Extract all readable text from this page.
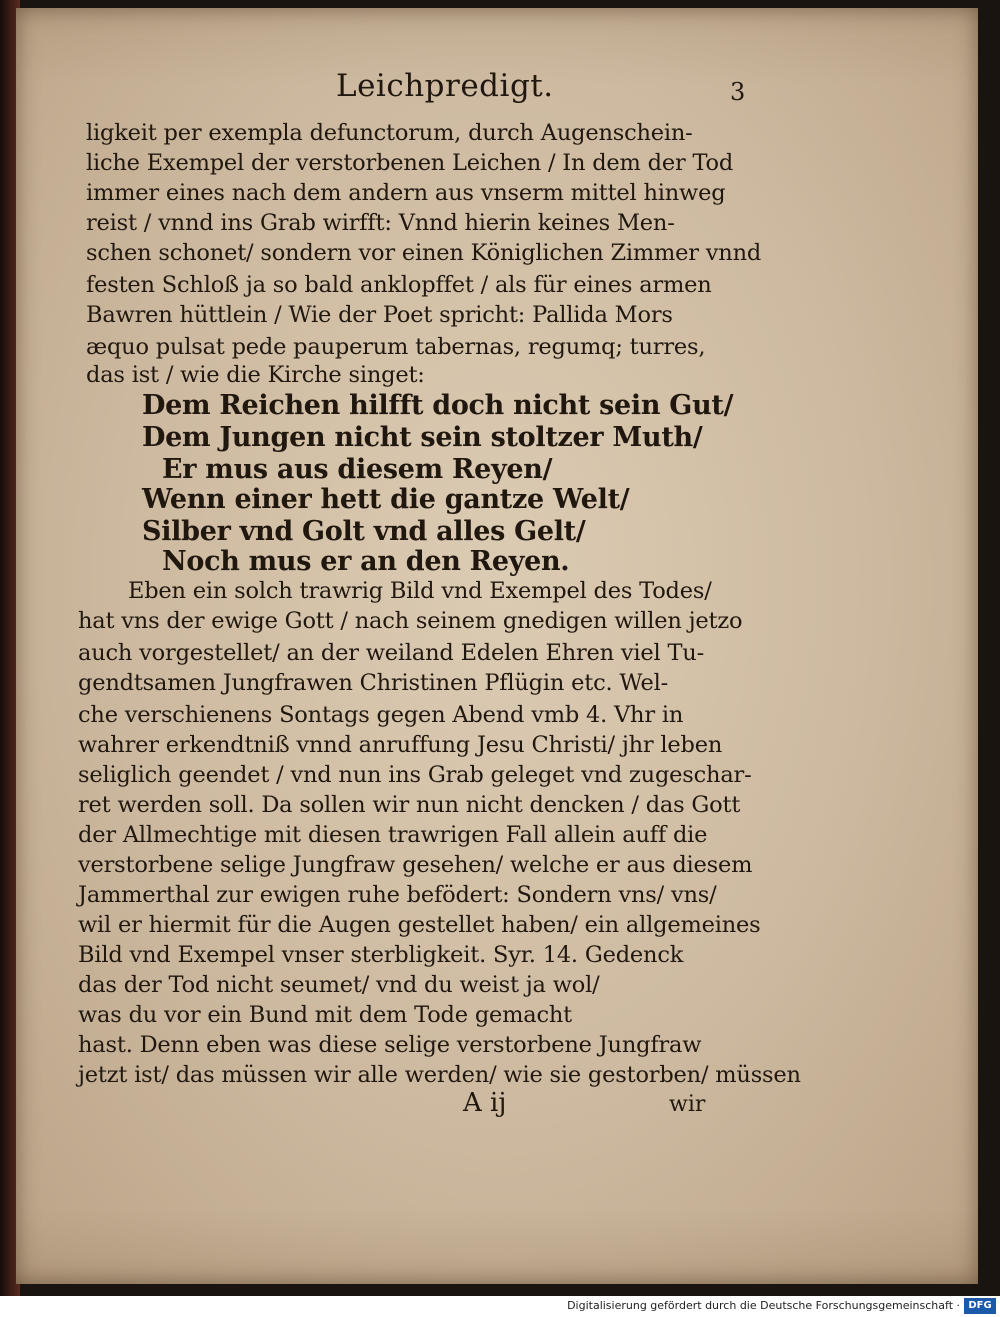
Leichpredigt.	3
ligkeit per exempla defunctorum, durch Augenschein-
liche Exempel der verstorbenen Leichen / In dem der Tod
immer eines nach dem andern aus vnserm mittel hinweg
reist / vnnd ins Grab wirfft: Vnnd hierin keines Men-
schen schonet/ sondern vor einen Königlichen Zimmer vnnd
festen Schloß ja so bald anklopffet / als für eines armen
Bawren hüttlein / Wie der Poet spricht: Pallida Mors
æquo pulsat pede pauperum tabernas, regumq; turres,
das ist / wie die Kirche singet:
Dem Reichen hilfft doch nicht sein Gut/
Dem Jungen nicht sein stoltzer Muth/
Er mus aus diesem Reyen/
Wenn einer hett die gantze Welt/
Silber vnd Golt vnd alles Gelt/
Noch mus er an den Reyen.
Eben ein solch trawrig Bild vnd Exempel des Todes/
hat vns der ewige Gott / nach seinem gnedigen willen jetzo
auch vorgestellet/ an der weiland Edelen Ehren viel Tu-
gendtsamen Jungfrawen Christinen Pflügin etc. Wel-
che verschienens Sontags gegen Abend vmb 4. Vhr in
wahrer erkendtniß vnnd anruffung Jesu Christi/ jhr leben
seliglich geendet / vnd nun ins Grab geleget vnd zugeschar-
ret werden soll. Da sollen wir nun nicht dencken / das Gott
der Allmechtige mit diesen trawrigen Fall allein auff die
verstorbene selige Jungfraw gesehen/ welche er aus diesem
Jammerthal zur ewigen ruhe befödert: Sondern vns/ vns/
wil er hiermit für die Augen gestellet haben/ ein allgemeines
Bild vnd Exempel vnser sterbligkeit. Syr. 14. Gedenck
das der Tod nicht seumet/ vnd du weist ja wol/
was du vor ein Bund mit dem Tode gemacht
hast. Denn eben was diese selige verstorbene Jungfraw
jetzt ist/ das müssen wir alle werden/ wie sie gestorben/ müssen
A ij	wir
Digitalisierung gefördert durch die Deutsche Forschungsgemeinschaft · DFG
